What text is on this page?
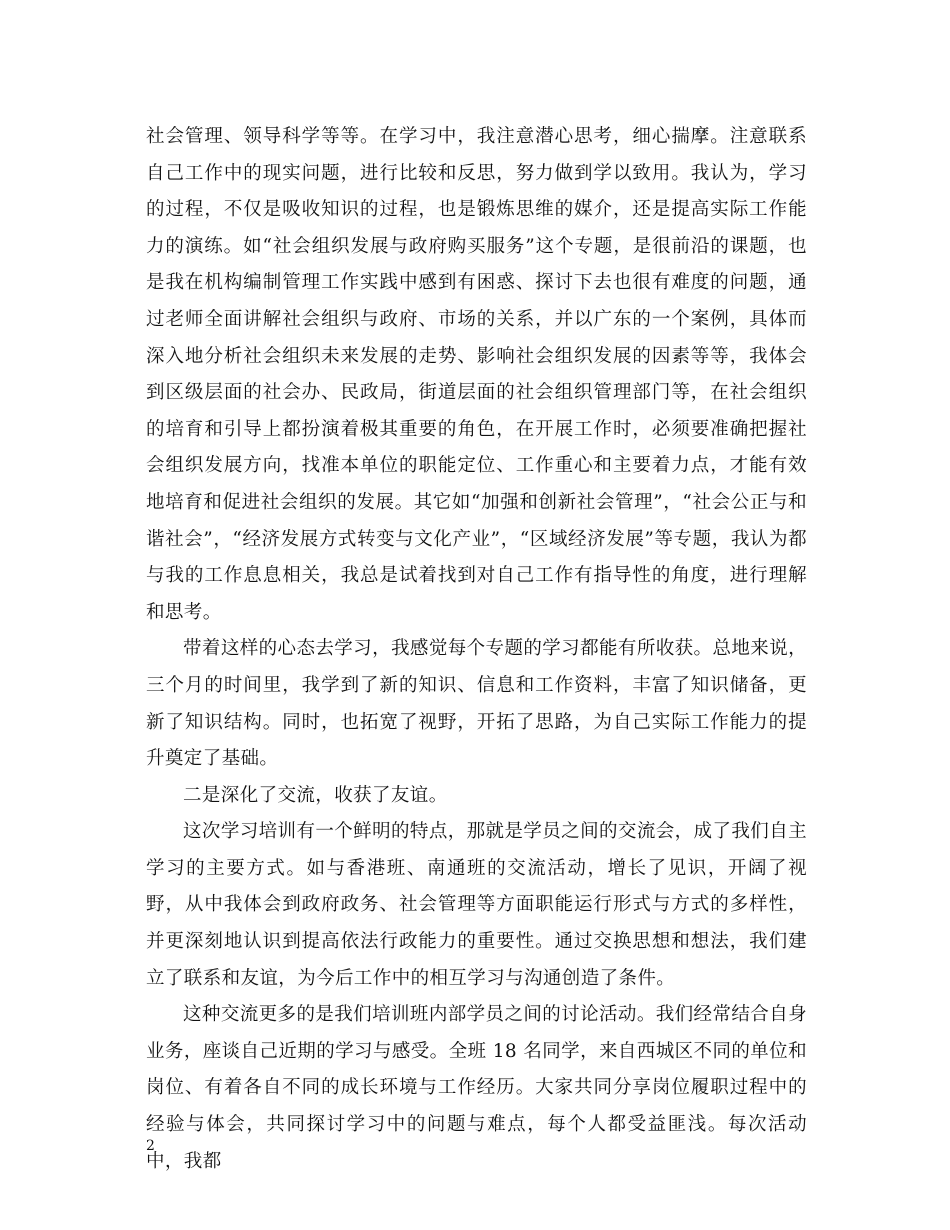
社会管理、领导科学等等。在学习中，我注意潜心思考，细心揣摩。注意联系自己工作中的现实问题，进行比较和反思，努力做到学以致用。我认为，学习的过程，不仅是吸收知识的过程，也是锻炼思维的媒介，还是提高实际工作能力的演练。如“社会组织发展与政府购买服务”这个专题，是很前沿的课题，也是我在机构编制管理工作实践中感到有困惑、探讨下去也很有难度的问题，通过老师全面讲解社会组织与政府、市场的关系，并以广东的一个案例，具体而深入地分析社会组织未来发展的走势、影响社会组织发展的因素等等，我体会到区级层面的社会办、民政局，街道层面的社会组织管理部门等，在社会组织的培育和引导上都扮演着极其重要的角色，在开展工作时，必须要准确把握社会组织发展方向，找准本单位的职能定位、工作重心和主要着力点，才能有效地培育和促进社会组织的发展。其它如“加强和创新社会管理”，“社会公正与和谐社会”，“经济发展方式转变与文化产业”，“区域经济发展”等专题，我认为都与我的工作息息相关，我总是试着找到对自己工作有指导性的角度，进行理解和思考。

带着这样的心态去学习，我感觉每个专题的学习都能有所收获。总地来说，三个月的时间里，我学到了新的知识、信息和工作资料，丰富了知识储备，更新了知识结构。同时，也拓宽了视野，开拓了思路，为自己实际工作能力的提升奠定了基础。

二是深化了交流，收获了友谊。

这次学习培训有一个鲜明的特点，那就是学员之间的交流会，成了我们自主学习的主要方式。如与香港班、南通班的交流活动，增长了见识，开阔了视野，从中我体会到政府政务、社会管理等方面职能运行形式与方式的多样性，并更深刻地认识到提高依法行政能力的重要性。通过交换思想和想法，我们建立了联系和友谊，为今后工作中的相互学习与沟通创造了条件。

这种交流更多的是我们培训班内部学员之间的讨论活动。我们经常结合自身业务，座谈自己近期的学习与感受。全班 18 名同学，来自西城区不同的单位和岗位、有着各自不同的成长环境与工作经历。大家共同分享岗位履职过程中的经验与体会，共同探讨学习中的问题与难点，每个人都受益匪浅。每次活动中，我都

2
